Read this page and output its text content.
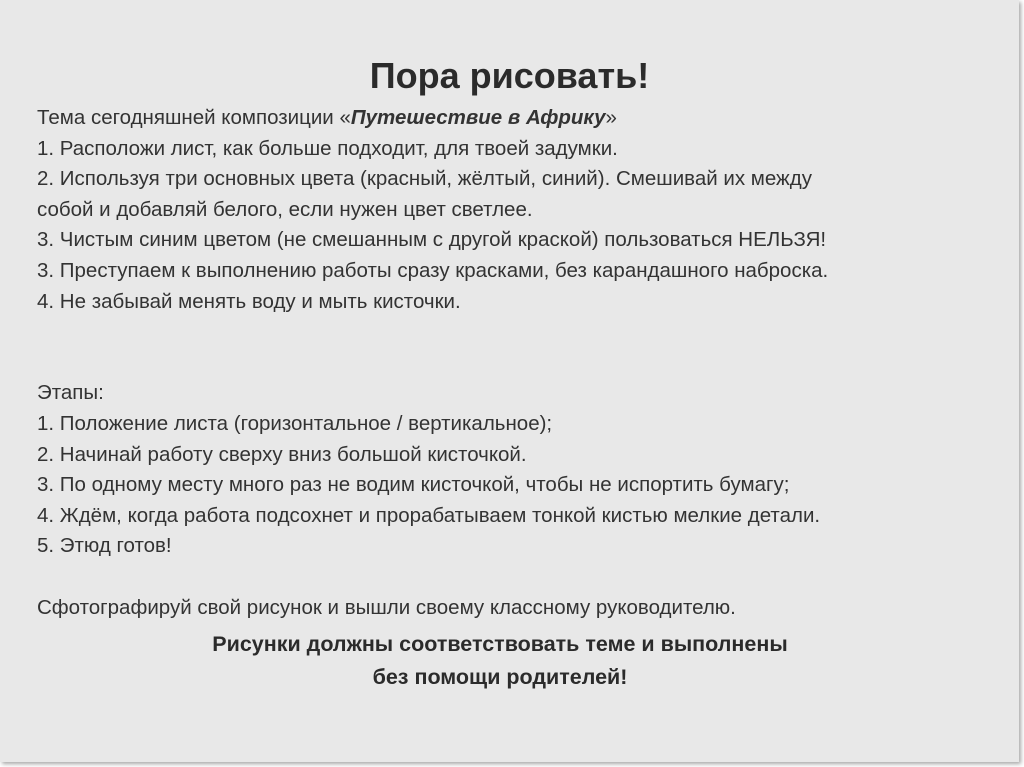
Пора рисовать!
Тема сегодняшней композиции «Путешествие в Африку»
1. Расположи лист, как больше подходит, для твоей задумки.
2. Используя три основных цвета (красный, жёлтый, синий). Смешивай их между
собой и добавляй белого, если нужен цвет светлее.
3. Чистым синим цветом (не смешанным с другой краской) пользоваться НЕЛЬЗЯ!
3. Преступаем к выполнению работы сразу красками, без карандашного наброска.
4. Не забывай менять воду и мыть кисточки.
Этапы:
1. Положение листа (горизонтальное / вертикальное);
2. Начинай работу сверху вниз большой кисточкой.
3. По одному месту много раз не водим кисточкой, чтобы не испортить бумагу;
4. Ждём, когда работа подсохнет и прорабатываем тонкой кистью мелкие детали.
5. Этюд готов!
Сфотографируй свой рисунок и вышли своему классному руководителю.
Рисунки должны соответствовать теме и выполнены
без помощи родителей!
